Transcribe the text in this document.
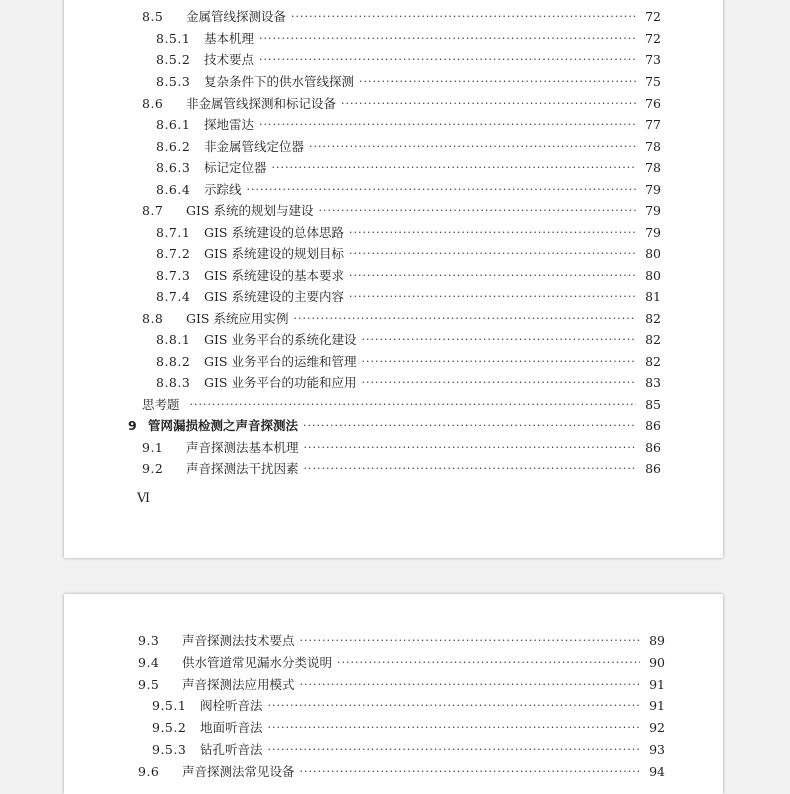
8.5	金属管线探测设备 ·····	72
8.5.1	基本机理 ·····	72
8.5.2	技术要点 ·····	73
8.5.3	复杂条件下的供水管线探测 ·····	75
8.6	非金属管线探测和标记设备 ·····	76
8.6.1	探地雷达 ·····	77
8.6.2	非金属管线定位器 ·····	78
8.6.3	标记定位器 ·····	78
8.6.4	示踪线 ·····	79
8.7	GIS 系统的规划与建设 ·····	79
8.7.1	GIS 系统建设的总体思路 ·····	79
8.7.2	GIS 系统建设的规划目标 ·····	80
8.7.3	GIS 系统建设的基本要求 ·····	80
8.7.4	GIS 系统建设的主要内容 ·····	81
8.8	GIS 系统应用实例 ·····	82
8.8.1	GIS 业务平台的系统化建设 ·····	82
8.8.2	GIS 业务平台的运维和管理 ·····	82
8.8.3	GIS 业务平台的功能和应用 ·····	83
思考题 ·····	85
9 管网漏损检测之声音探测法 ·····	86
9.1	声音探测法基本机理 ·····	86
9.2	声音探测法干扰因素 ·····	86
Ⅵ
9.3	声音探测法技术要点 ·····	89
9.4	供水管道常见漏水分类说明 ·····	90
9.5	声音探测法应用模式 ·····	91
9.5.1	阀栓听音法 ·····	91
9.5.2	地面听音法 ·····	92
9.5.3	钻孔听音法 ·····	93
9.6	声音探测法常见设备 ·····	94
